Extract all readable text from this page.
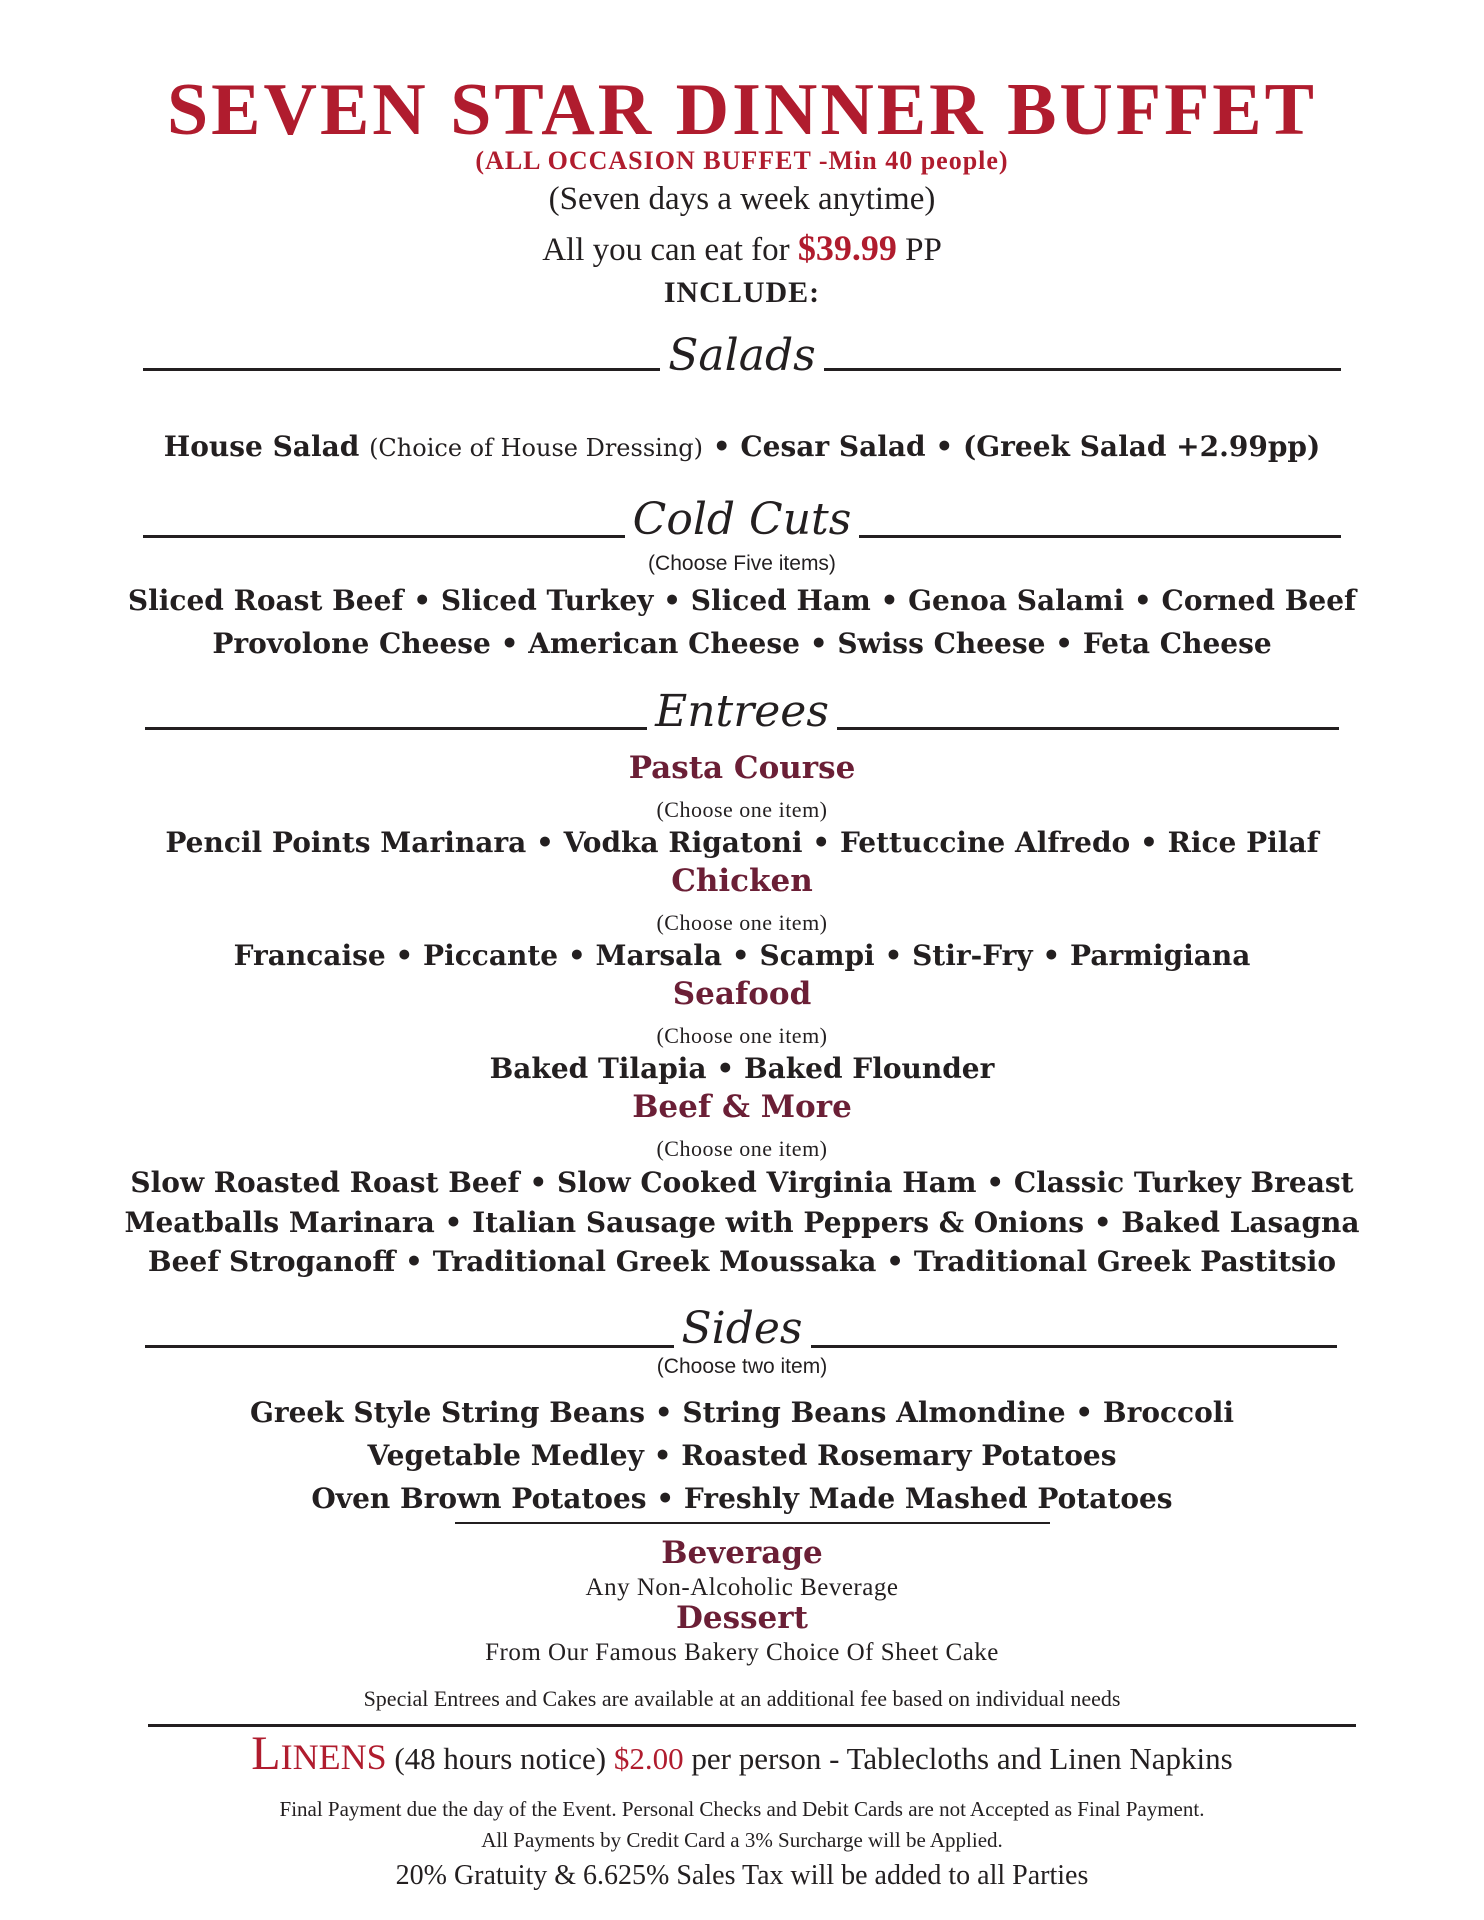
SEVEN STAR DINNER BUFFET
(ALL OCCASION BUFFET -Min 40 people)
(Seven days a week anytime)
All you can eat for $39.99 PP
INCLUDE:
Salads
House Salad (Choice of House Dressing) • Cesar Salad • (Greek Salad +2.99pp)
Cold Cuts
(Choose Five items)
Sliced Roast Beef • Sliced Turkey • Sliced Ham • Genoa Salami • Corned Beef
Provolone Cheese • American Cheese • Swiss Cheese • Feta Cheese
Entrees
Pasta Course
(Choose one item)
Pencil Points Marinara • Vodka Rigatoni • Fettuccine Alfredo • Rice Pilaf
Chicken
(Choose one item)
Francaise • Piccante • Marsala • Scampi • Stir-Fry • Parmigiana
Seafood
(Choose one item)
Baked Tilapia • Baked Flounder
Beef & More
(Choose one item)
Slow Roasted Roast Beef • Slow Cooked Virginia Ham • Classic Turkey Breast
Meatballs Marinara • Italian Sausage with Peppers & Onions • Baked Lasagna
Beef Stroganoff • Traditional Greek Moussaka • Traditional Greek Pastitsio
Sides
(Choose two item)
Greek Style String Beans • String Beans Almondine • Broccoli
Vegetable Medley • Roasted Rosemary Potatoes
Oven Brown Potatoes • Freshly Made Mashed Potatoes
Beverage
Any Non-Alcoholic Beverage
Dessert
From Our Famous Bakery Choice Of Sheet Cake
Special Entrees and Cakes are available at an additional fee based on individual needs
LINENS (48 hours notice) $2.00 per person - Tablecloths and Linen Napkins
Final Payment due the day of the Event. Personal Checks and Debit Cards are not Accepted as Final Payment.
All Payments by Credit Card a 3% Surcharge will be Applied.
20% Gratuity & 6.625% Sales Tax will be added to all Parties
